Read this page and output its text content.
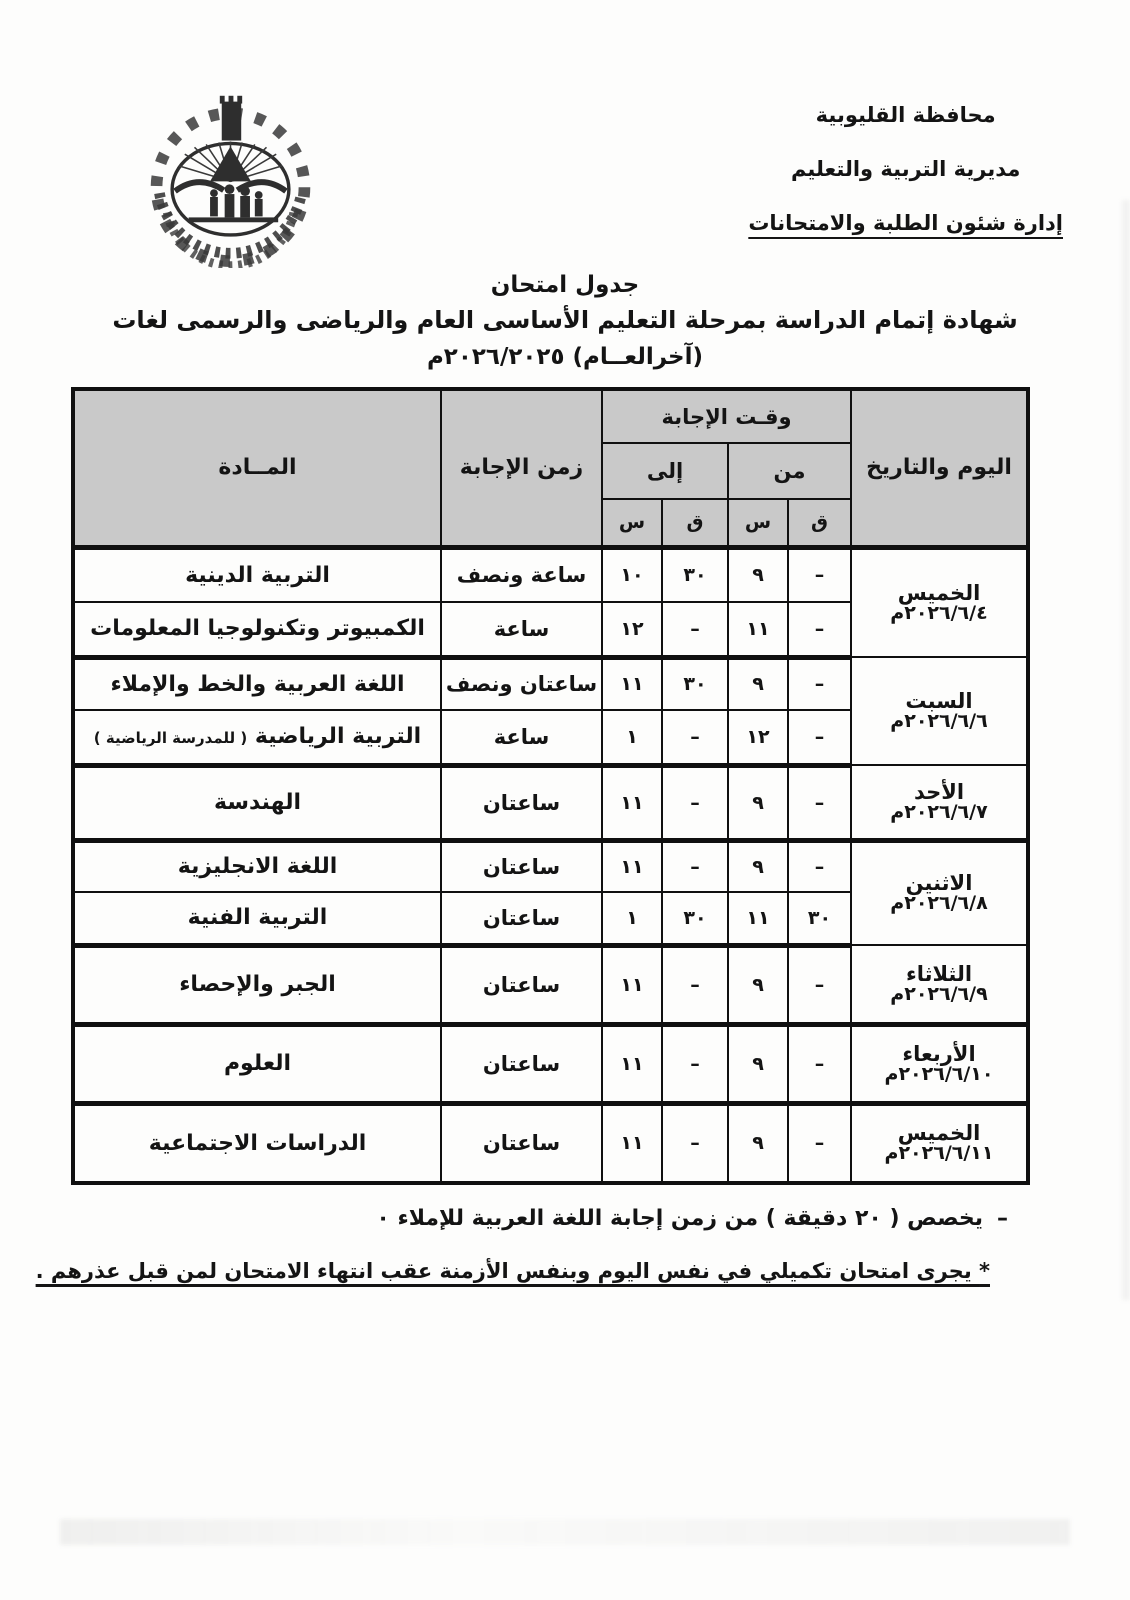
محافظة القليوبية
مديرية التربية والتعليم
إدارة شئون الطلبة والامتحانات
جدول امتحان
شهادة إتمام الدراسة بمرحلة التعليم الأساسى العام والرياضى والرسمى لغات
(آخرالعــام) ٢٠٢٦/٢٠٢٥م
اليوم والتاريخ	وقـت الإجابة				زمن الإجابة	المــادة
	من		إلى			
	ق	س	ق	س		

الخميس
٢٠٢٦/٦/٤م	–	٩	٣٠	١٠	ساعة ونصف	التربية الدينية
	–	١١	–	١٢	ساعة	الكمبيوتر وتكنولوجيا المعلومات

السبت
٢٠٢٦/٦/٦م	–	٩	٣٠	١١	ساعتان ونصف	اللغة العربية والخط والإملاء
	–	١٢	–	١	ساعة	التربية الرياضية ( للمدرسة الرياضية )

الأحد
٢٠٢٦/٦/٧م	–	٩	–	١١	ساعتان	الهندسة

الاثنين
٢٠٢٦/٦/٨م	–	٩	–	١١	ساعتان	اللغة الانجليزية
	٣٠	١١	٣٠	١	ساعتان	التربية الفنية

الثلاثاء
٢٠٢٦/٦/٩م	–	٩	–	١١	ساعتان	الجبر والإحصاء

الأربعاء
٢٠٢٦/٦/١٠م	–	٩	–	١١	ساعتان	العلوم

الخميس
٢٠٢٦/٦/١١م	–	٩	–	١١	ساعتان	الدراسات الاجتماعية
–يخصص ( ٢٠ دقيقة ) من زمن إجابة اللغة العربية للإملاء ٠
* يجرى امتحان تكميلي في نفس اليوم وبنفس الأزمنة عقب انتهاء الامتحان لمن قبل عذرهم .
